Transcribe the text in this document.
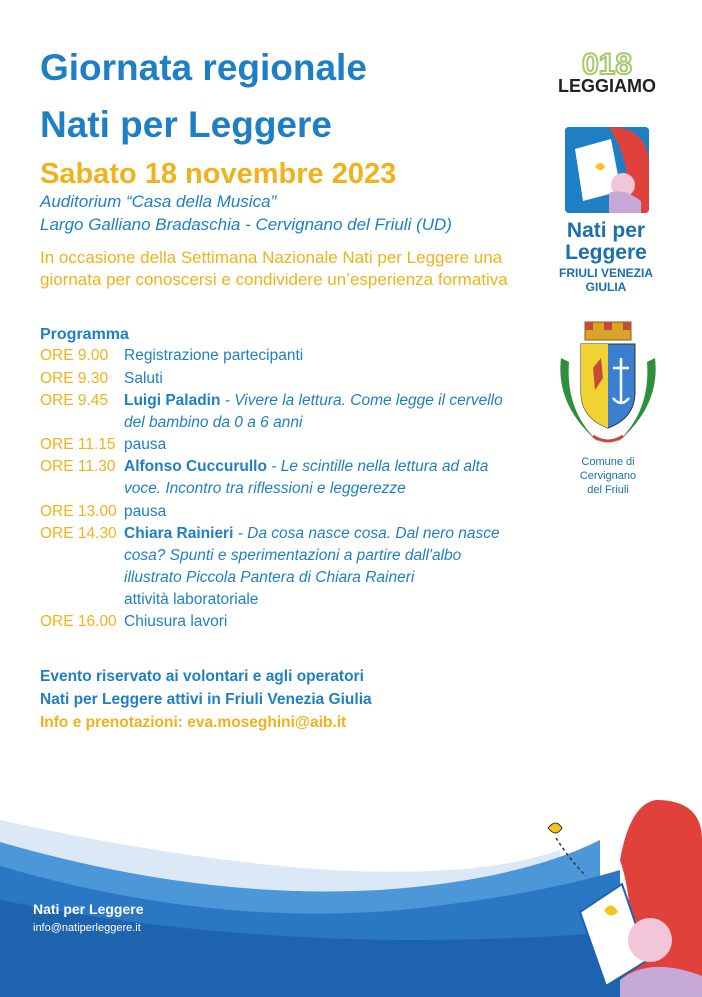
Giornata regionale
Nati per Leggere
Sabato 18 novembre 2023
Auditorium “Casa della Musica”
Largo Galliano Bradaschia - Cervignano del Friuli (UD)
In occasione della Settimana Nazionale Nati per Leggere una giornata per conoscersi e condividere un’esperienza formativa
Programma
ORE 9.00	Registrazione partecipanti
ORE 9.30	Saluti
ORE 9.45	Luigi Paladin - Vivere la lettura. Come legge il cervello del bambino da 0 a 6 anni
ORE 11.15 pausa
ORE 11.30 Alfonso Cuccurullo - Le scintille nella lettura ad alta voce. Incontro tra riflessioni e leggerezze
ORE 13.00 pausa
ORE 14.30 Chiara Rainieri - Da cosa nasce cosa. Dal nero nasce cosa? Spunti e sperimentazioni a partire dall'albo illustrato Piccola Pantera di Chiara Raineri
attività laboratoriale
ORE 16.00 Chiusura lavori
Evento riservato ai volontari e agli operatori
Nati per Leggere attivi in Friuli Venezia Giulia
Info e prenotazioni: eva.moseghini@aib.it
018
LEGGIAMO
Nati per
Leggere
FRIULI VENEZIA
GIULIA
Comune di
Cervignano
del Friuli
Nati per Leggere
info@natiperleggere.it
